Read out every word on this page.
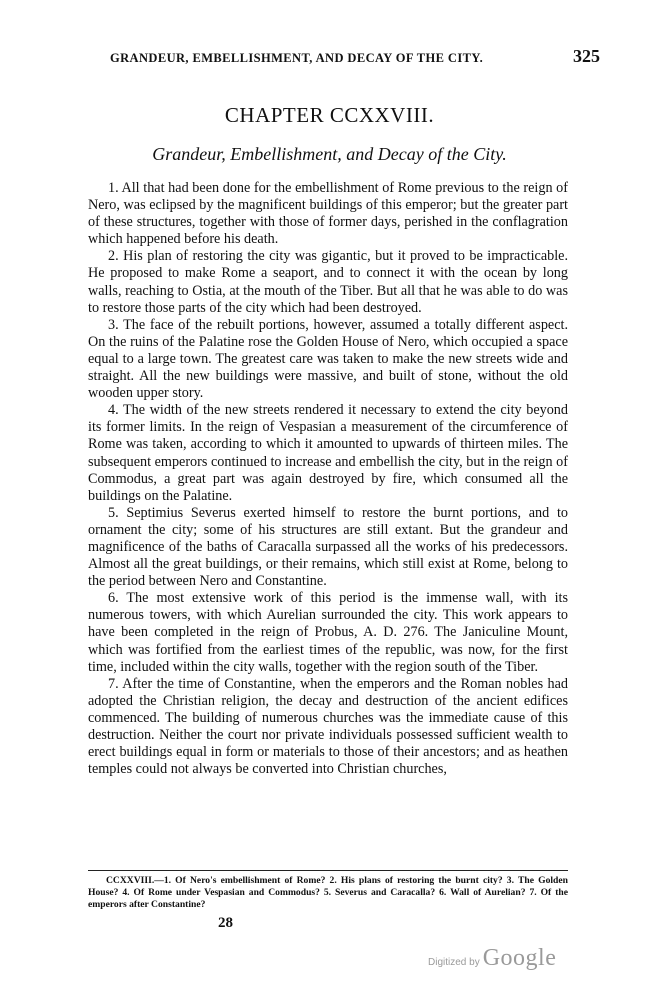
GRANDEUR, EMBELLISHMENT, AND DECAY OF THE CITY.	325
CHAPTER CCXXVIII.
Grandeur, Embellishment, and Decay of the City.

1. All that had been done for the embellishment of Rome previous to the reign of Nero, was eclipsed by the magnificent buildings of this emperor; but the greater part of these structures, together with those of former days, perished in the conflagration which happened before his death.

2. His plan of restoring the city was gigantic, but it proved to be impracticable. He proposed to make Rome a seaport, and to connect it with the ocean by long walls, reaching to Ostia, at the mouth of the Tiber. But all that he was able to do was to restore those parts of the city which had been destroyed.

3. The face of the rebuilt portions, however, assumed a totally different aspect. On the ruins of the Palatine rose the Golden House of Nero, which occupied a space equal to a large town. The greatest care was taken to make the new streets wide and straight. All the new buildings were massive, and built of stone, without the old wooden upper story.

4. The width of the new streets rendered it necessary to extend the city beyond its former limits. In the reign of Vespasian a measurement of the circumference of Rome was taken, according to which it amounted to upwards of thirteen miles. The subsequent emperors continued to increase and embellish the city, but in the reign of Commodus, a great part was again destroyed by fire, which consumed all the buildings on the Palatine.

5. Septimius Severus exerted himself to restore the burnt portions, and to ornament the city; some of his structures are still extant. But the grandeur and magnificence of the baths of Caracalla surpassed all the works of his predecessors. Almost all the great buildings, or their remains, which still exist at Rome, belong to the period between Nero and Constantine.

6. The most extensive work of this period is the immense wall, with its numerous towers, with which Aurelian surrounded the city. This work appears to have been completed in the reign of Probus, A. D. 276. The Janiculine Mount, which was fortified from the earliest times of the republic, was now, for the first time, included within the city walls, together with the region south of the Tiber.

7. After the time of Constantine, when the emperors and the Roman nobles had adopted the Christian religion, the decay and destruction of the ancient edifices commenced. The building of numerous churches was the immediate cause of this destruction. Neither the court nor private individuals possessed sufficient wealth to erect buildings equal in form or materials to those of their ancestors; and as heathen temples could not always be converted into Christian churches,

CCXXVIII.—1. Of Nero's embellishment of Rome? 2. His plans of restoring the burnt city? 3. The Golden House? 4. Of Rome under Vespasian and Commodus? 5. Severus and Caracalla? 6. Wall of Aurelian? 7. Of the emperors after Constantine?

28
Digitized by Google
